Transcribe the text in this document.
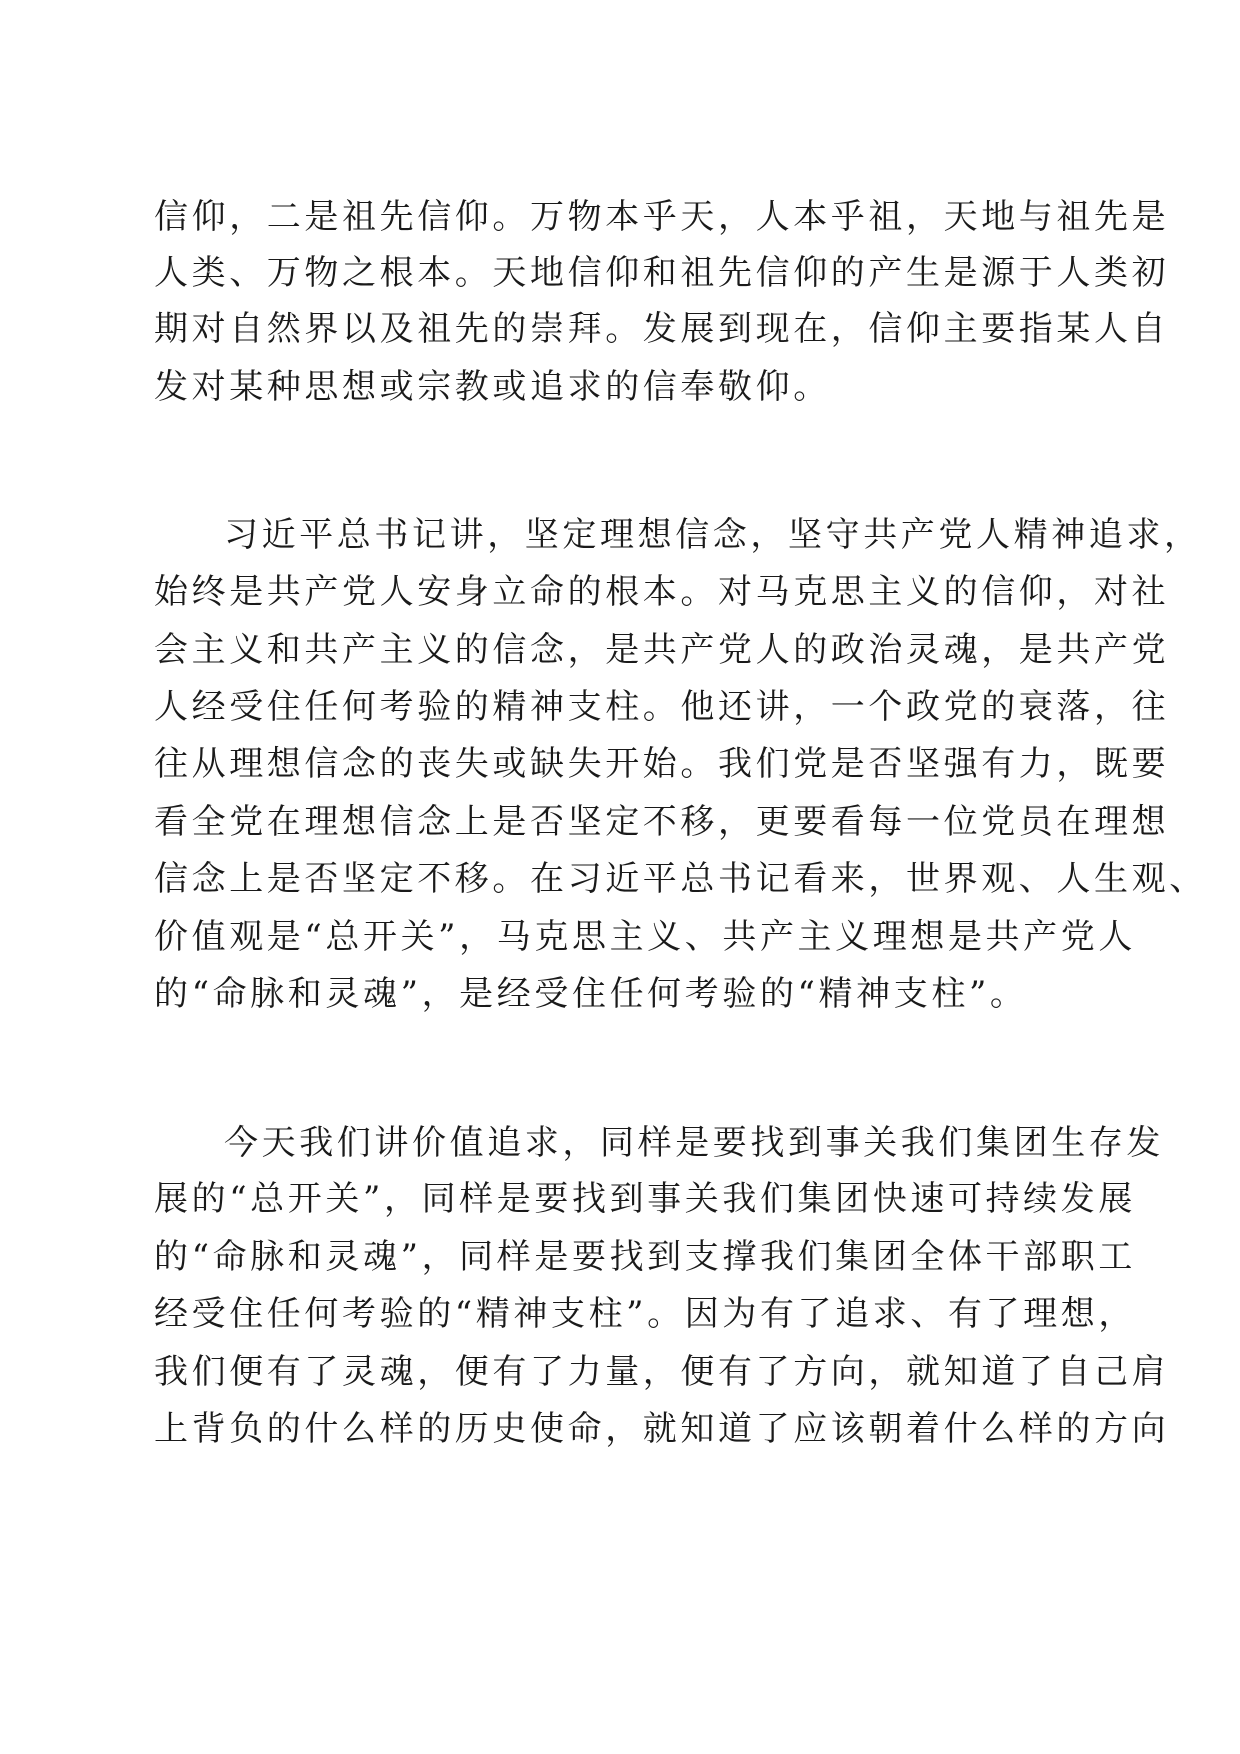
信仰，二是祖先信仰。万物本乎天，人本乎祖，天地与祖先是

人类、万物之根本。天地信仰和祖先信仰的产生是源于人类初

期对自然界以及祖先的崇拜。发展到现在，信仰主要指某人自

发对某种思想或宗教或追求的信奉敬仰。

习近平总书记讲，坚定理想信念，坚守共产党人精神追求，

始终是共产党人安身立命的根本。对马克思主义的信仰，对社

会主义和共产主义的信念，是共产党人的政治灵魂，是共产党

人经受住任何考验的精神支柱。他还讲，一个政党的衰落，往

往从理想信念的丧失或缺失开始。我们党是否坚强有力，既要

看全党在理想信念上是否坚定不移，更要看每一位党员在理想

信念上是否坚定不移。在习近平总书记看来，世界观、人生观、

价值观是“总开关”，马克思主义、共产主义理想是共产党人

的“命脉和灵魂”，是经受住任何考验的“精神支柱”。

今天我们讲价值追求，同样是要找到事关我们集团生存发

展的“总开关”，同样是要找到事关我们集团快速可持续发展

的“命脉和灵魂”，同样是要找到支撑我们集团全体干部职工

经受住任何考验的“精神支柱”。因为有了追求、有了理想，

我们便有了灵魂，便有了力量，便有了方向，就知道了自己肩

上背负的什么样的历史使命，就知道了应该朝着什么样的方向
